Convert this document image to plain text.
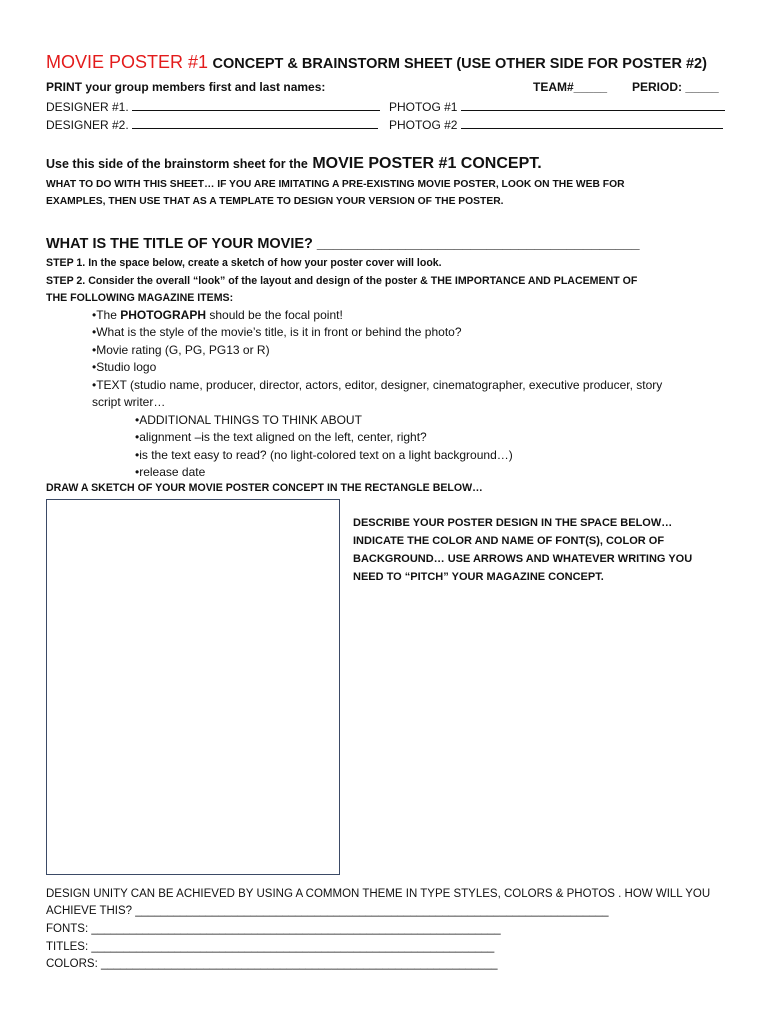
MOVIE POSTER #1 CONCEPT & BRAINSTORM SHEET (USE OTHER SIDE FOR POSTER #2)
PRINT your group members first and last names:	TEAM#_____ PERIOD: _____
DESIGNER #1.	PHOTOG #1
DESIGNER #2.	PHOTOG #2
Use this side of the brainstorm sheet for the MOVIE POSTER #1 CONCEPT.
WHAT TO DO WITH THIS SHEET… IF YOU ARE IMITATING A PRE-EXISTING MOVIE POSTER, LOOK ON THE WEB FOR
EXAMPLES, THEN USE THAT AS A TEMPLATE TO DESIGN YOUR VERSION OF THE POSTER.
WHAT IS THE TITLE OF YOUR MOVIE? ________________________________________
STEP 1. In the space below, create a sketch of how your poster cover will look.
STEP 2. Consider the overall “look” of the layout and design of the poster & THE IMPORTANCE AND PLACEMENT OF
THE FOLLOWING MAGAZINE ITEMS:
•The PHOTOGRAPH should be the focal point!
•What is the style of the movie’s title, is it in front or behind the photo?
•Movie rating (G, PG, PG13 or R)
•Studio logo
•TEXT (studio name, producer, director, actors, editor, designer, cinematographer, executive producer, story
script writer…
•ADDITIONAL THINGS TO THINK ABOUT
•alignment –is the text aligned on the left, center, right?
•is the text easy to read? (no light-colored text on a light background…)
•release date
DRAW A SKETCH OF YOUR MOVIE POSTER CONCEPT IN THE RECTANGLE BELOW…
DESCRIBE YOUR POSTER DESIGN IN THE SPACE BELOW…
INDICATE THE COLOR AND NAME OF FONT(S), COLOR OF
BACKGROUND… USE ARROWS AND WHATEVER WRITING YOU
NEED TO “PITCH” YOUR MAGAZINE CONCEPT.
DESIGN UNITY CAN BE ACHIEVED BY USING A COMMON THEME IN TYPE STYLES, COLORS & PHOTOS . HOW WILL YOU
ACHIEVE THIS? __________________________________________________________________________
FONTS: ________________________________________________________________
TITLES: _______________________________________________________________
COLORS: ______________________________________________________________
